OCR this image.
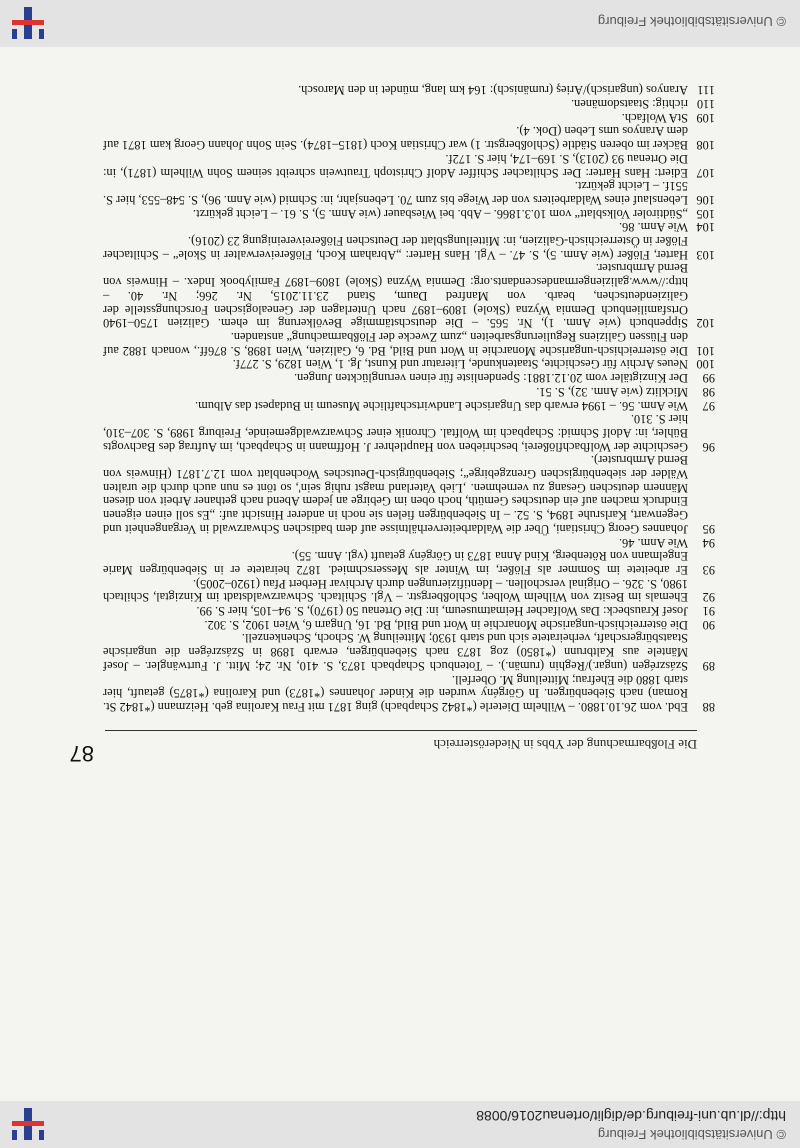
© Universitätsbibliothek Freiburg
http://dl.ub.uni-freiburg.de/diglit/ortenau2016/0088
Die Floßbarmachung der Ybbs in Niederösterreich
87

88
Ebd. vom 26.10.1880. – Wilhelm Dieterle (*1842 Schapbach) ging 1871 mit Frau Karolina geb. Heizmann (*1842 St. Roman) nach Siebenbürgen. In Görgény wurden die Kinder Johannes (*1873) und Karolina (*1875) getauft, hier starb 1880 die Ehefrau; Mitteilung M. Oberfell.

89
Szászrégen (ungar.)/Reghin (rumän.). – Totenbuch Schapbach 1873, S. 410, Nr. 24; Mitt. J. Furtwängler. – Josef Mäntele aus Kaltbrunn (*1850) zog 1873 nach Siebenbürgen, erwarb 1898 in Szászrégen die ungarische Staatsbürgerschaft, verheiratete sich und starb 1930; Mitteilung W. Schoch, Schenkenzell.

90
Die österreichisch-ungarische Monarchie in Wort und Bild, Bd. 16, Ungarn 6, Wien 1902, S. 302.

91
Josef Krausbeck: Das Wolfacher Heimatmuseum, in: Die Ortenau 50 (1970), S. 94–105, hier S. 99.

92
Ehemals im Besitz von Wilhelm Wolber, Schloßbergstr. – Vgl. Schiltach. Schwarzwaldstadt im Kinzigtal, Schiltach 1980, S. 326. – Original verschollen. – Identifizierungen durch Archivar Herbert Pfau (1920–2005).

93
Er arbeitete im Sommer als Flößer, im Winter als Messerschmied. 1872 heiratete er in Siebenbürgen Marie Engelmann von Rötenberg, Kind Anna 1873 in Görgény getauft (vgl. Anm. 55).

94
Wie Anm. 46.

95
Johannes Georg Christiani, Über die Waldarbeiterverhältnisse auf dem badischen Schwarzwald in Vergangenheit und Gegenwart, Karlsruhe 1894, S. 52. – In Siebenbürgen fielen sie noch in anderer Hinsicht auf: „Es soll einen eigenen Eindruck machen auf ein deutsches Gemüth, hoch oben im Gebirge an jedem Abend nach gethaner Arbeit von diesen Männern deutschen Gesang zu vernehmen. ‚Lieb Vaterland magst ruhig sein', so tönt es nun auch durch die uralten Wälder der siebenbürgischen Grenzgebirge“; Siebenbürgisch-Deutsches Wochenblatt vom 12.7.1871 (Hinweis von Bernd Armbruster).

96
Geschichte der Wolfbachflößerei, beschrieben von Hauptlehrer J. Hoffmann in Schapbach, im Auftrag des Bachvogts Bühler, in: Adolf Schmid: Schapbach im Wolftal. Chronik einer Schwarzwaldgemeinde, Freiburg 1989, S. 307–310, hier S. 310.

97
Wie Anm. 56. – 1994 erwarb das Ungarische Landwirtschaftliche Museum in Budapest das Album.

98
Micklitz (wie Anm. 32), S. 51.

99
Der Kinzigtäler vom 20.12.1881: Spendenliste für einen verunglückten Jungen.

100
Neues Archiv für Geschichte, Staatenkunde, Literatur und Kunst, Jg. 1, Wien 1829, S. 277f.

101
Die österreichisch-ungarische Monarchie in Wort und Bild, Bd. 6, Galizien, Wien 1898, S. 876ff., wonach 1882 auf den Flüssen Galiziens Regulierungsarbeiten „zum Zwecke der Flößbarmachung“ anstanden.

102
Sippenbuch (wie Anm. 1), Nr. 565. – Die deutschstämmige Bevölkerung im ehem. Galizien 1750–1940 Ortsfamilienbuch Demnia Wyzna (Skole) 1809–1897 nach Unterlagen der Genealogischen Forschungsstelle der Galiziendeutschen, bearb. von Manfred Daum, Stand 23.11.2015, Nr. 266; Nr. 40. – http://www.galiziengermandescendants.org: Demnia Wyzna (Skole) 1809–1897 Familybook Index. – Hinweis von Bernd Armbruster.

103
Harter, Flößer (wie Anm. 5), S. 47. – Vgl. Hans Harter: „Abraham Koch, Flößereiverwalter in Skole“ – Schiltacher Flößer in Österreichisch-Galizien, in: Mitteilungsblatt der Deutschen Flößereivereinigung 23 (2016).

104
Wie Anm. 86.

105
„Südtiroler Volksblatt“ vom 10.3.1866. – Abb. bei Wiesbauer (wie Anm. 5), S. 61. – Leicht gekürzt.

106
Lebenslauf eines Waldarbeiters von der Wiege bis zum 70. Lebensjahr, in: Schmid (wie Anm. 96), S. 548–553, hier S. 551f. – Leicht gekürzt.

107
Ediert: Hans Harter: Der Schiltacher Schiffer Adolf Christoph Trautwein schreibt seinem Sohn Wilhelm (1871), in: Die Ortenau 93 (2013), S. 169–174, hier S. 172f.

108
Bäcker im oberen Städtle (Schloßbergstr. 1) war Christian Koch (1815–1874). Sein Sohn Johann Georg kam 1871 auf dem Aranyos ums Leben (Dok. 4).

109
StA Wolfach.

110
richtig: Staatsdomänen.

111
Aranyos (ungarisch)/Arieş (rumänisch): 164 km lang, mündet in den Marosch.

© Universitätsbibliothek Freiburg
